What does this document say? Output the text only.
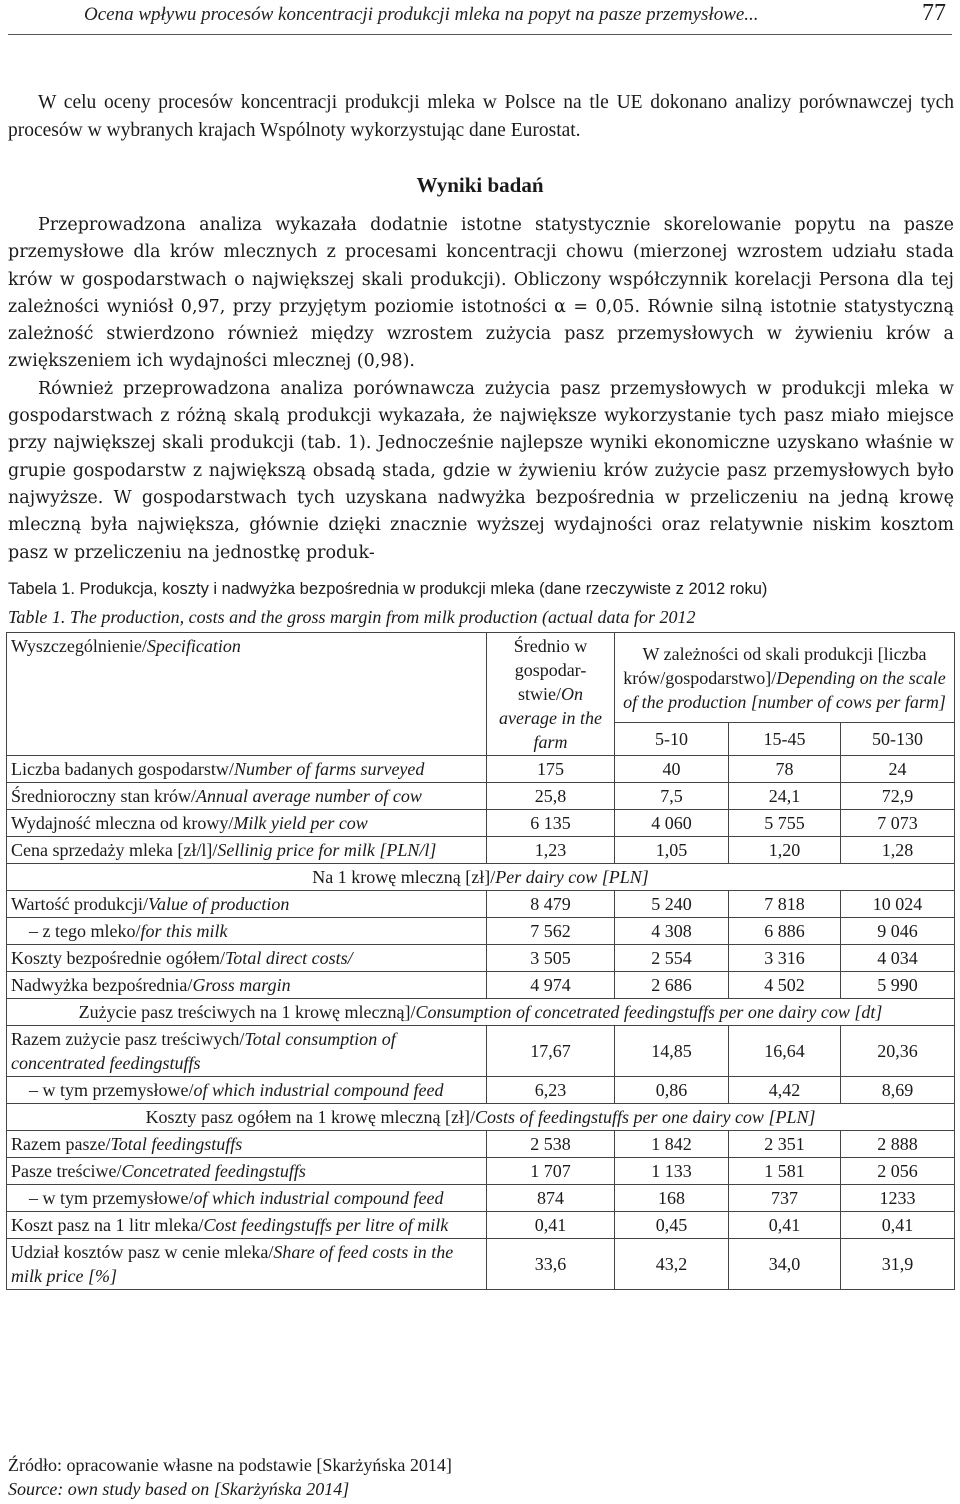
Ocena wpływu procesów koncentracji produkcji mleka na popyt na pasze przemysłowe...	77

W celu oceny procesów koncentracji produkcji mleka w Polsce na tle UE dokonano analizy porównawczej tych procesów w wybranych krajach Wspólnoty wykorzystując dane Eurostat.

Wyniki badań
Przeprowadzona analiza wykazała dodatnie istotne statystycznie skorelowanie popytu na pasze przemysłowe dla krów mlecznych z procesami koncentracji chowu (mierzonej wzrostem udziału stada krów w gospodarstwach o największej skali produkcji). Obliczony współczynnik korelacji Persona dla tej zależności wyniósł 0,97, przy przyjętym poziomie istotności α = 0,05. Równie silną istotnie statystyczną zależność stwierdzono również między wzrostem zużycia pasz przemysłowych w żywieniu krów a zwiększeniem ich wydajności mlecznej (0,98).
Również przeprowadzona analiza porównawcza zużycia pasz przemysłowych w produkcji mleka w gospodarstwach z różną skalą produkcji wykazała, że największe wykorzystanie tych pasz miało miejsce przy największej skali produkcji (tab. 1). Jednocześnie najlepsze wyniki ekonomiczne uzyskano właśnie w grupie gospodarstw z największą obsadą stada, gdzie w żywieniu krów zużycie pasz przemysłowych było najwyższe. W gospodarstwach tych uzyskana nadwyżka bezpośrednia w przeliczeniu na jedną krowę mleczną była największa, głównie dzięki znacznie wyższej wydajności oraz relatywnie niskim kosztom pasz w przeliczeniu na jednostkę produk-
Tabela 1. Produkcja, koszty i nadwyżka bezpośrednia w produkcji mleka (dane rzeczywiste z 2012 roku)
Table 1. The production, costs and the gross margin from milk production (actual data for 2012
Wyszczególnienie/Specification	Średnio w gospodar-stwie/On average in the farm	W zależności od skali produkcji [liczba krów/gospodarstwo]/Depending on the scale of the production [number of cows per farm]		
		5-10	15-45	50-130
Liczba badanych gospodarstw/Number of farms surveyed	175	40	78	24
Średnioroczny stan krów/Annual average number of cow	25,8	7,5	24,1	72,9
Wydajność mleczna od krowy/Milk yield per cow	6 135	4 060	5 755	7 073
Cena sprzedaży mleka [zł/l]/Sellinig price for milk [PLN/l]	1,23	1,05	1,20	1,28
Na 1 krowę mleczną [zł]/Per dairy cow [PLN]				
Wartość produkcji/Value of production	8 479	5 240	7 818	10 024
– z tego mleko/for this milk	7 562	4 308	6 886	9 046
Koszty bezpośrednie ogółem/Total direct costs/	3 505	2 554	3 316	4 034
Nadwyżka bezpośrednia/Gross margin	4 974	2 686	4 502	5 990
Zużycie pasz treściwych na 1 krowę mleczną]/Consumption of concetrated feedingstuffs per one dairy cow [dt]				
Razem zużycie pasz treściwych/Total consumption of concentrated feedingstuffs	17,67	14,85	16,64	20,36
– w tym przemysłowe/of which industrial compound feed	6,23	0,86	4,42	8,69
Koszty pasz ogółem na 1 krowę mleczną [zł]/Costs of feedingstuffs per one dairy cow [PLN]				
Razem pasze/Total feedingstuffs	2 538	1 842	2 351	2 888
Pasze treściwe/Concetrated feedingstuffs	1 707	1 133	1 581	2 056
– w tym przemysłowe/of which industrial compound feed	874	168	737	1233
Koszt pasz na 1 litr mleka/Cost feedingstuffs per litre of milk	0,41	0,45	0,41	0,41
Udział kosztów pasz w cenie mleka/Share of feed costs in the milk price [%]	33,6	43,2	34,0	31,9
Źródło: opracowanie własne na podstawie [Skarżyńska 2014]
Source: own study based on [Skarżyńska 2014]
